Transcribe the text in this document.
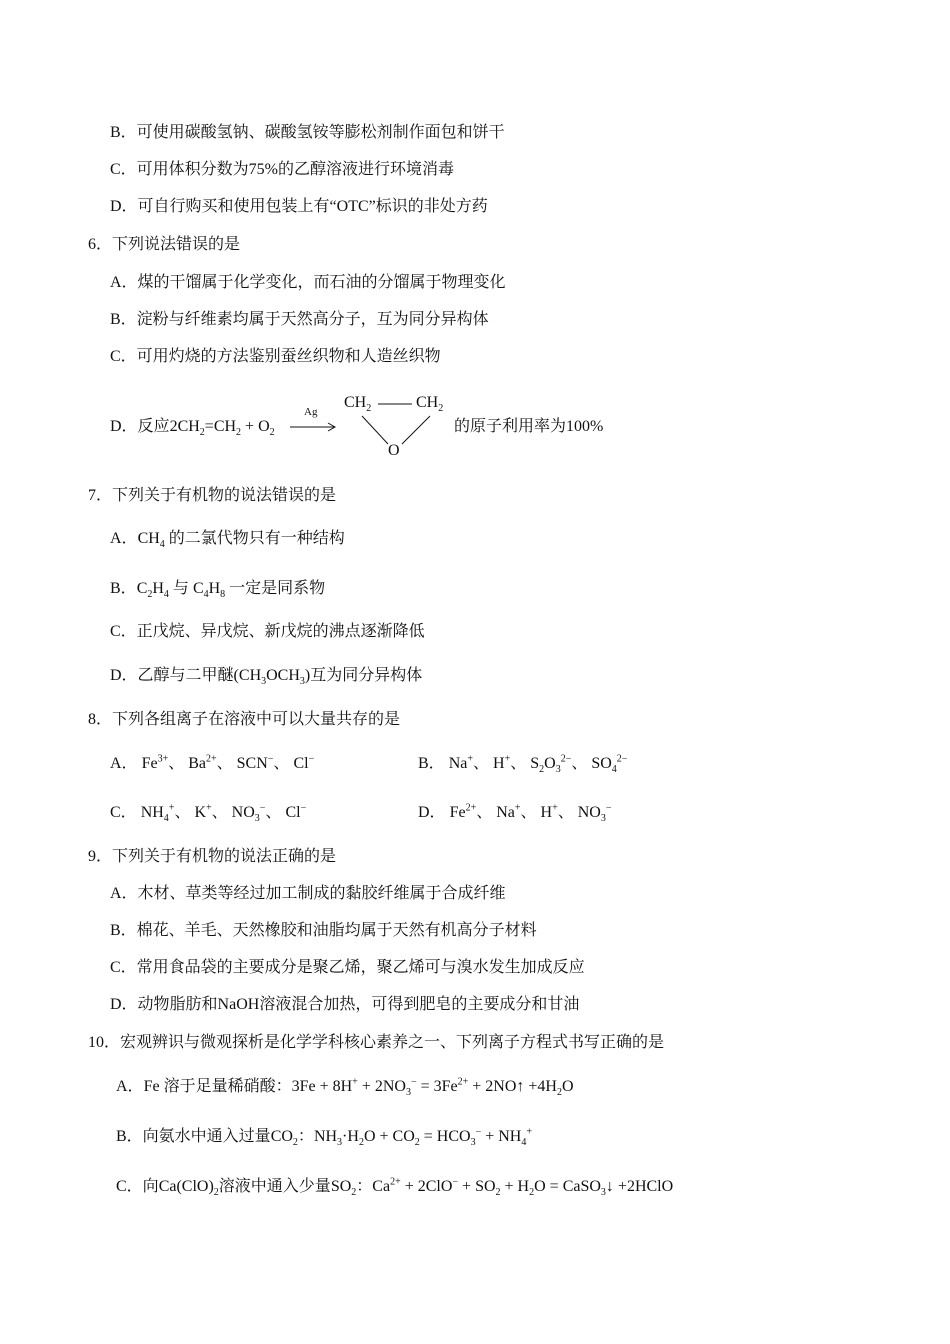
B．可使用碳酸氢钠、碳酸氢铵等膨松剂制作面包和饼干
C．可用体积分数为75%的乙醇溶液进行环境消毒
D．可自行购买和使用包装上有“OTC”标识的非处方药
6．下列说法错误的是
A．煤的干馏属于化学变化，而石油的分馏属于物理变化
B．淀粉与纤维素均属于天然高分子，互为同分异构体
C．可用灼烧的方法鉴别蚕丝织物和人造丝织物
D．反应$2CH_2=CH_2 + O_2$
Ag
$CH_2$	$CH_2$
O
的原子利用率为100%
7．下列关于有机物的说法错误的是
A．$CH_4$ 的二氯代物只有一种结构
B．$C_2H_4$ 与 $C_4H_8$ 一定是同系物
C．正戊烷、异戊烷、新戊烷的沸点逐渐降低
D．乙醇与二甲醚$(CH_3OCH_3)$互为同分异构体
8．下列各组离子在溶液中可以大量共存的是
A． $Fe^{3+}$、 $Ba^{2+}$、 SCN−、 Cl−	B． Na+、 H+、 $S_2O_3^{2-}$、 $SO_4^{2-}$
C． $NH_4^+$、 K+、 $NO_3^-$、 Cl−	D． $Fe^{2+}$、 Na+、 H+、 $NO_3^-$
9．下列关于有机物的说法正确的是
A．木材、草类等经过加工制成的黏胶纤维属于合成纤维
B．棉花、羊毛、天然橡胶和油脂均属于天然有机高分子材料
C．常用食品袋的主要成分是聚乙烯，聚乙烯可与溴水发生加成反应
D．动物脂肪和NaOH溶液混合加热，可得到肥皂的主要成分和甘油
10．宏观辨识与微观探析是化学学科核心素养之一、下列离子方程式书写正确的是
A．Fe 溶于足量稀硝酸：$3Fe + 8H^+ + 2NO_3^- = 3Fe^{2+}$ + 2NO↑ $+4H_2O$
B．向氨水中通入过量$CO_2$：$NH_3\cdot H_2O + CO_2 = HCO_3^- + NH_4^+$
C．向$Ca(ClO)_2$溶液中通入少量$SO_2$：$Ca^{2+} + 2ClO^- + SO_2 + H_2O$ = CaSO$_3$↓ +2HClO
